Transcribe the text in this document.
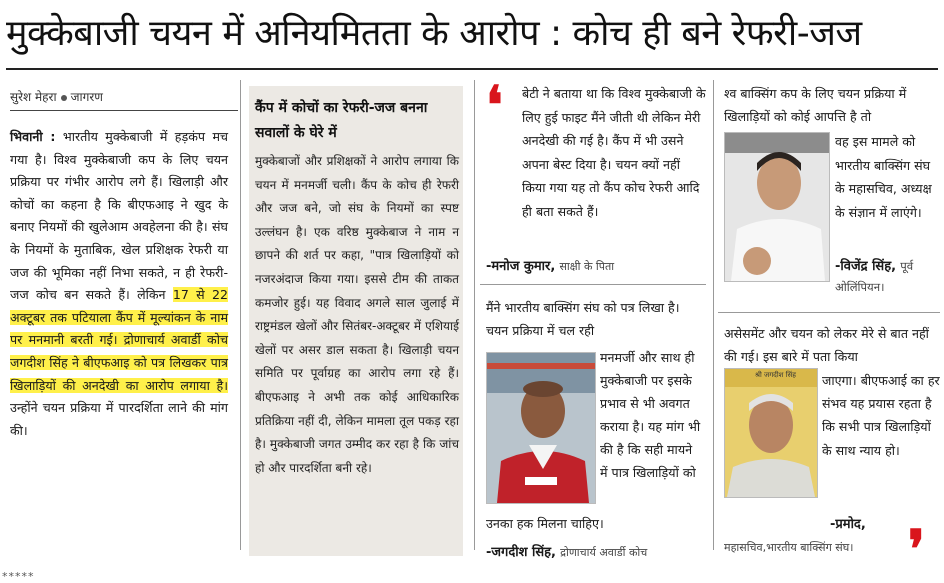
मुक्केबाजी चयन में अनियमितता के आरोप : कोच ही बने रेफरी-जज
सुरेश मेहरा जागरण
भिवानी : भारतीय मुक्केबाजी में हड़कंप मच गया है। विश्व मुक्केबाजी कप के लिए चयन प्रक्रिया पर गंभीर आरोप लगे हैं। खिलाड़ी और कोचों का कहना है कि बीएफआइ ने खुद के बनाए नियमों की खुलेआम अवहेलना की है। संघ के नियमों के मुताबिक, खेल प्रशिक्षक रेफरी या जज की भूमिका नहीं निभा सकते, न ही रेफरी-जज कोच बन सकते हैं। लेकिन 17 से 22 अक्टूबर तक पटियाला कैंप में मूल्यांकन के नाम पर मनमानी बरती गई। द्रोणाचार्य अवार्डी कोच जगदीश सिंह ने बीएफआइ को पत्र लिखकर पात्र खिलाड़ियों की अनदेखी का आरोप लगाया है। उन्होंने चयन प्रक्रिया में पारदर्शिता लाने की मांग की।
कैंप में कोचों का रेफरी-जज बनना सवालों के घेरे में
मुक्केबाजों और प्रशिक्षकों ने आरोप लगाया कि चयन में मनमर्जी चली। कैंप के कोच ही रेफरी और जज बने, जो संघ के नियमों का स्पष्ट उल्लंघन है। एक वरिष्ठ मुक्केबाज ने नाम न छापने की शर्त पर कहा, "पात्र खिलाड़ियों को नजरअंदाज किया गया। इससे टीम की ताकत कमजोर हुई। यह विवाद अगले साल जुलाई में राष्ट्रमंडल खेलों और सितंबर-अक्टूबर में एशियाई खेलों पर असर डाल सकता है। खिलाड़ी चयन समिति पर पूर्वाग्रह का आरोप लगा रहे हैं। बीएफआइ ने अभी तक कोई आधिकारिक प्रतिक्रिया नहीं दी, लेकिन मामला तूल पकड़ रहा है। मुक्केबाजी जगत उम्मीद कर रहा है कि जांच हो और पारदर्शिता बनी रहे।
❛ बेटी ने बताया था कि विश्व मुक्केबाजी के लिए हुई फाइट मैंने जीती थी लेकिन मेरी अनदेखी की गई है। कैंप में भी उसने अपना बेस्ट दिया है। चयन क्यों नहीं किया गया यह तो कैंप कोच रेफरी आदि ही बता सकते हैं।
-मनोज कुमार, साक्षी के पिता
मैंने भारतीय बाक्सिंग संघ को पत्र लिखा है। चयन प्रक्रिया में चल रही
मनमर्जी और साथ ही मुक्केबाजी पर इसके प्रभाव से भी अवगत कराया है। यह मांग भी की है कि सही मायने में पात्र खिलाड़ियों को
उनका हक मिलना चाहिए।
-जगदीश सिंह, द्रोणाचार्य अवार्डी कोच
श्व बाक्सिंग कप के लिए चयन प्रक्रिया में खिलाड़ियों को कोई आपत्ति है तो
वह इस मामले को भारतीय बाक्सिंग संघ के महासचिव, अध्यक्ष के संज्ञान में लाएंगे।
-विजेंद्र सिंह, पूर्व ओलिंपियन।
असेसमेंट और चयन को लेकर मेरे से बात नहीं की गई। इस बारे में पता किया
श्री जगदीश सिंह जाएगा। बीएफआई का हर संभव यह प्रयास रहता है कि सभी पात्र खिलाड़ियों के साथ न्याय हो।
-प्रमोद,
महासचिव,भारतीय बाक्सिंग संघ।	❜
*****
